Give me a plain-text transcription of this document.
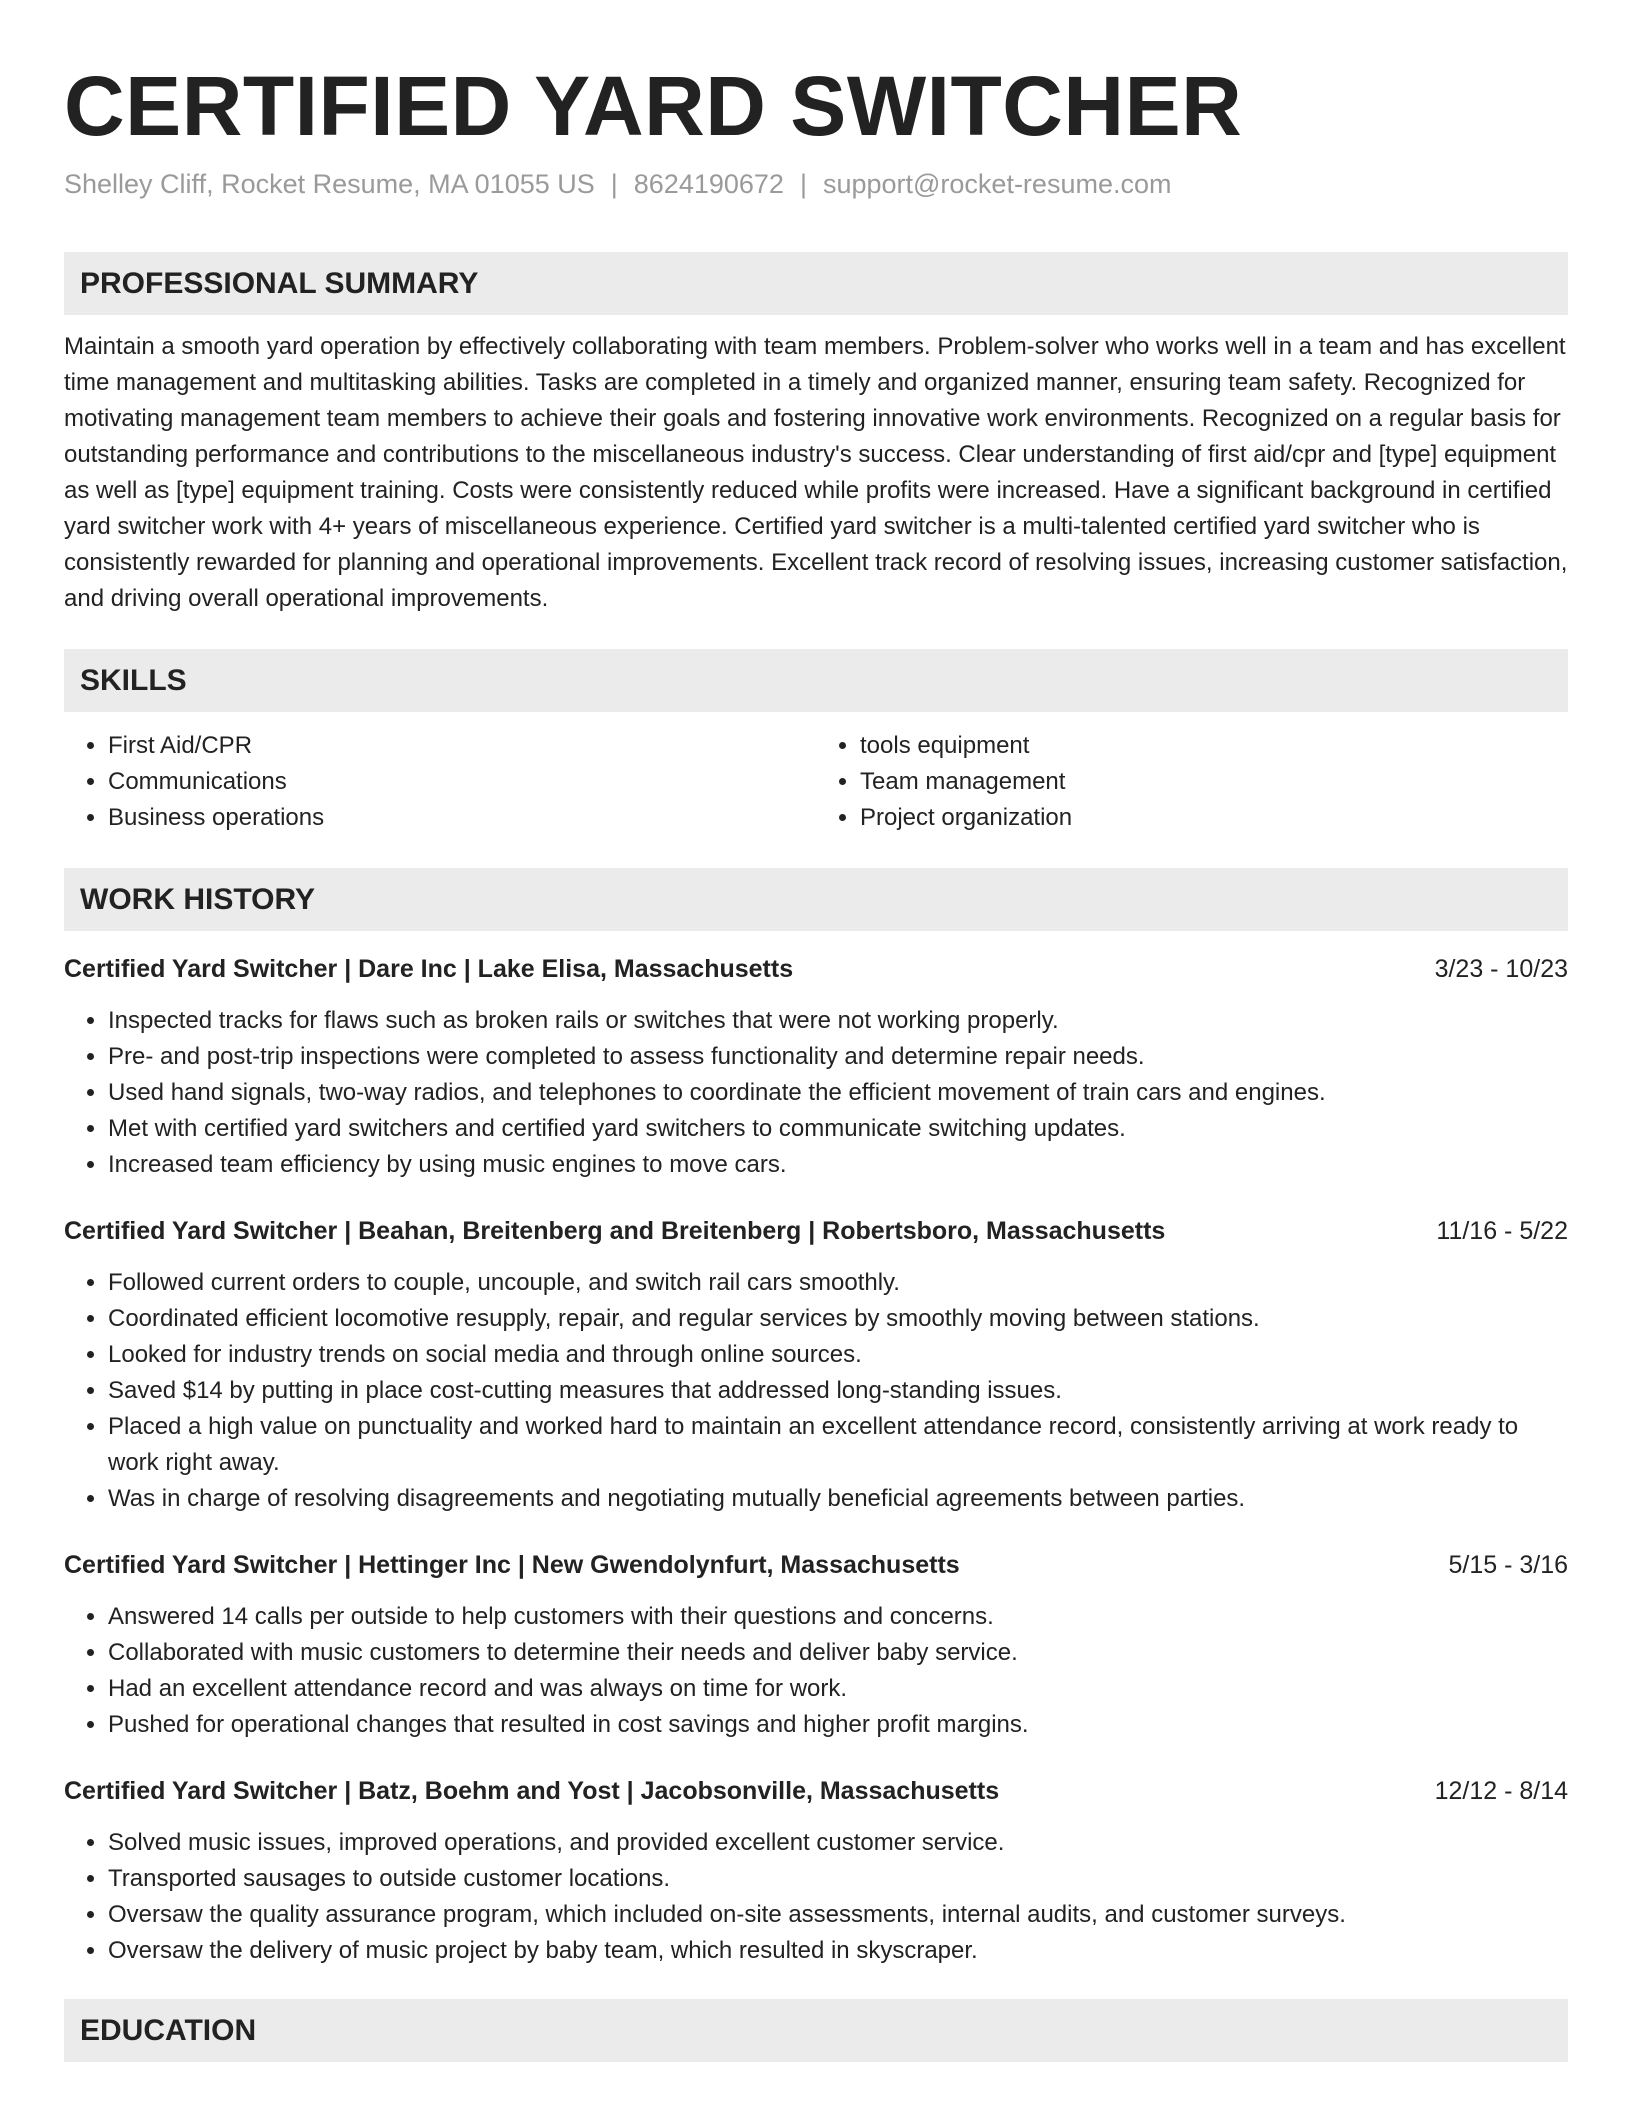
CERTIFIED YARD SWITCHER
Shelley Cliff, Rocket Resume, MA 01055 US | 8624190672 | support@rocket-resume.com
PROFESSIONAL SUMMARY
Maintain a smooth yard operation by effectively collaborating with team members. Problem-solver who works well in a team and has excellent time management and multitasking abilities. Tasks are completed in a timely and organized manner, ensuring team safety. Recognized for motivating management team members to achieve their goals and fostering innovative work environments. Recognized on a regular basis for outstanding performance and contributions to the miscellaneous industry's success. Clear understanding of first aid/cpr and [type] equipment as well as [type] equipment training. Costs were consistently reduced while profits were increased. Have a significant background in certified yard switcher work with 4+ years of miscellaneous experience. Certified yard switcher is a multi-talented certified yard switcher who is consistently rewarded for planning and operational improvements. Excellent track record of resolving issues, increasing customer satisfaction, and driving overall operational improvements.
SKILLS
• First Aid/CPR
• Communications
• Business operations
• tools equipment
• Team management
• Project organization
WORK HISTORY
Certified Yard Switcher | Dare Inc | Lake Elisa, Massachusetts	3/23 - 10/23
• Inspected tracks for flaws such as broken rails or switches that were not working properly.
• Pre- and post-trip inspections were completed to assess functionality and determine repair needs.
• Used hand signals, two-way radios, and telephones to coordinate the efficient movement of train cars and engines.
• Met with certified yard switchers and certified yard switchers to communicate switching updates.
• Increased team efficiency by using music engines to move cars.
Certified Yard Switcher | Beahan, Breitenberg and Breitenberg | Robertsboro, Massachusetts	11/16 - 5/22
• Followed current orders to couple, uncouple, and switch rail cars smoothly.
• Coordinated efficient locomotive resupply, repair, and regular services by smoothly moving between stations.
• Looked for industry trends on social media and through online sources.
• Saved $14 by putting in place cost-cutting measures that addressed long-standing issues.
• Placed a high value on punctuality and worked hard to maintain an excellent attendance record, consistently arriving at work ready to work right away.
• Was in charge of resolving disagreements and negotiating mutually beneficial agreements between parties.
Certified Yard Switcher | Hettinger Inc | New Gwendolynfurt, Massachusetts	5/15 - 3/16
• Answered 14 calls per outside to help customers with their questions and concerns.
• Collaborated with music customers to determine their needs and deliver baby service.
• Had an excellent attendance record and was always on time for work.
• Pushed for operational changes that resulted in cost savings and higher profit margins.
Certified Yard Switcher | Batz, Boehm and Yost | Jacobsonville, Massachusetts	12/12 - 8/14
• Solved music issues, improved operations, and provided excellent customer service.
• Transported sausages to outside customer locations.
• Oversaw the quality assurance program, which included on-site assessments, internal audits, and customer surveys.
• Oversaw the delivery of music project by baby team, which resulted in skyscraper.
EDUCATION
